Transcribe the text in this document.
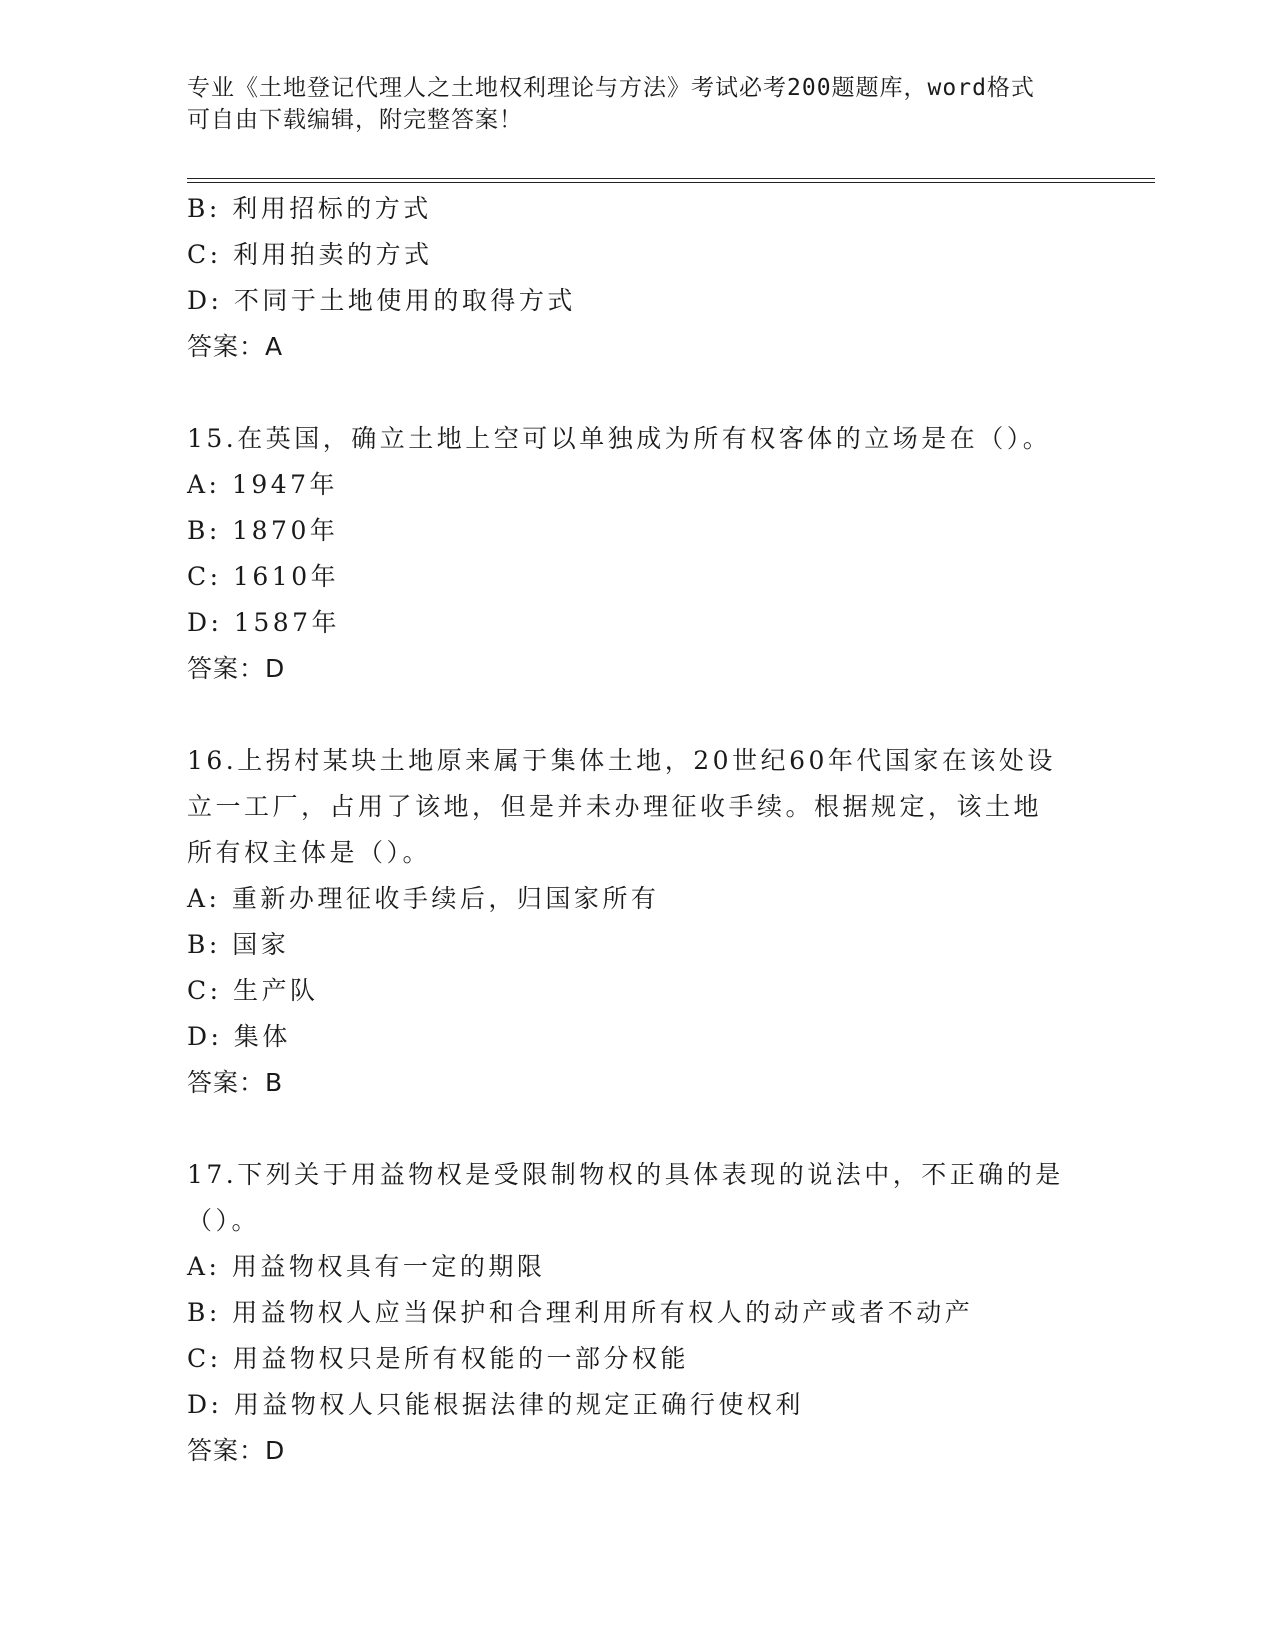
专业《土地登记代理人之土地权利理论与方法》考试必考200题题库，word格式
可自由下载编辑，附完整答案！
B: 利用招标的方式
C: 利用拍卖的方式
D: 不同于土地使用的取得方式
答案：A
15.在英国，确立土地上空可以单独成为所有权客体的立场是在（）。
A: 1947年
B: 1870年
C: 1610年
D: 1587年
答案：D
16.上拐村某块土地原来属于集体土地，20世纪60年代国家在该处设立一工厂，占用了该地，但是并未办理征收手续。根据规定，该土地所有权主体是（）。
A: 重新办理征收手续后，归国家所有
B: 国家
C: 生产队
D: 集体
答案：B
17.下列关于用益物权是受限制物权的具体表现的说法中，不正确的是（）。
A: 用益物权具有一定的期限
B: 用益物权人应当保护和合理利用所有权人的动产或者不动产
C: 用益物权只是所有权能的一部分权能
D: 用益物权人只能根据法律的规定正确行使权利
答案：D
